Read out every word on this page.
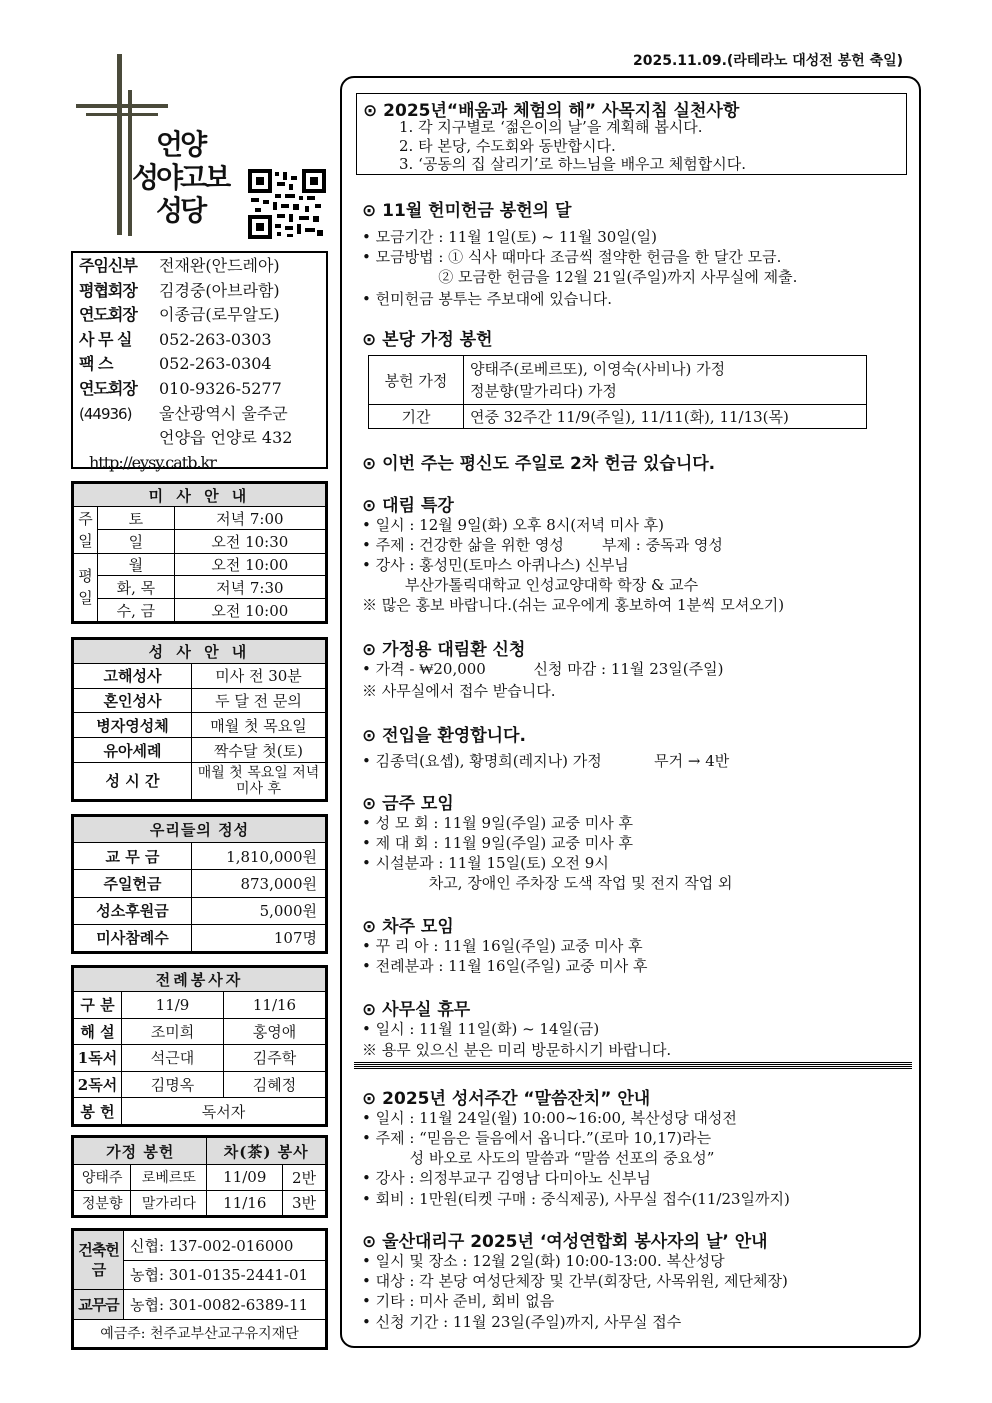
2025.11.09.(라테라노 대성전 봉헌 축일)
언양
성야고보
성당
주임신부	전재완(안드레아)
평협회장	김경중(아브라함)
연도회장	이종금(로무알도)
사 무 실	052-263-0303
팩 스	052-263-0304
연도회장	010-9326-5277
(44936)	울산광역시 울주군
언양읍 언양로 432
http://eysy.catb.kr
미 사 안 내		
주일	토	저녁 7:00
	일	오전 10:30
평일	월	오전 10:00
	화, 목	저녁 7:30
	수, 금	오전 10:00
성 사 안 내	
고해성사	미사 전 30분
혼인성사	두 달 전 문의
병자영성체	매월 첫 목요일
유아세례	짝수달 첫(토)
성 시 간	매월 첫 목요일 저녁미사 후
우리들의 정성	
교 무 금	1,810,000원
주일헌금	873,000원
성소후원금	5,000원
미사참례수	107명
전례봉사자		
구 분	11/9	11/16
해 설	조미희	홍영애
1독서	석근대	김주학
2독서	김명옥	김혜정
봉 헌	독서자	
가정 봉헌		차(茶) 봉사	
양태주	로베르또	11/09	2반
정분향	말가리다	11/16	3반
건축헌금	신협: 137-002-016000
	농협: 301-0135-2441-01
교무금	농협: 301-0082-6389-11
예금주: 천주교부산교구유지재단	
⊙ 2025년“배움과 체험의 해” 사목지침 실천사항
1. 각 지구별로 ‘젊은이의 날’을 계획해 봅시다.
2. 타 본당, 수도회와 동반합시다.
3. ‘공동의 집 살리기’로 하느님을 배우고 체험합시다.
⊙ 11월 헌미헌금 봉헌의 달
• 모금기간 : 11월 1일(토) ~ 11월 30일(일)
• 모금방법 : ① 식사 때마다 조금씩 절약한 헌금을 한 달간 모금.
② 모금한 헌금을 12월 21일(주일)까지 사무실에 제출.
• 헌미헌금 봉투는 주보대에 있습니다.
⊙ 본당 가정 봉헌
⊙ 이번 주는 평신도 주일로 2차 헌금 있습니다.
⊙ 대림 특강
• 일시 : 12월 9일(화) 오후 8시(저녁 미사 후)
• 주제 : 건강한 삶을 위한 영성        부제 : 중독과 영성
• 강사 : 홍성민(토마스 아퀴나스) 신부님
부산가톨릭대학교 인성교양대학 학장 & 교수
※ 많은 홍보 바랍니다.(쉬는 교우에게 홍보하여 1분씩 모셔오기)
⊙ 가정용 대림환 신청
• 가격 - ₩20,000          신청 마감 : 11월 23일(주일)
※ 사무실에서 접수 받습니다.
⊙ 전입을 환영합니다.
• 김종덕(요셉), 황명희(레지나) 가정           무거 → 4반
⊙ 금주 모임
• 성 모 회 : 11월 9일(주일) 교중 미사 후
• 제 대 회 : 11월 9일(주일) 교중 미사 후
• 시설분과 : 11월 15일(토) 오전 9시
차고, 장애인 주차장 도색 작업 및 전지 작업 외
⊙ 차주 모임
• 꾸 리 아 : 11월 16일(주일) 교중 미사 후
• 전례분과 : 11월 16일(주일) 교중 미사 후
⊙ 사무실 휴무
• 일시 : 11월 11일(화) ~ 14일(금)
※ 용무 있으신 분은 미리 방문하시기 바랍니다.
⊙ 2025년 성서주간 “말씀잔치” 안내
• 일시 : 11월 24일(월) 10:00~16:00, 복산성당 대성전
• 주제 : “믿음은 들음에서 옵니다.”(로마 10,17)라는
성 바오로 사도의 말씀과 “말씀 선포의 중요성”
• 강사 : 의정부교구 김영남 다미아노 신부님
• 회비 : 1만원(티켓 구매 : 중식제공), 사무실 접수(11/23일까지)
⊙ 울산대리구 2025년 ‘여성연합회 봉사자의 날’ 안내
• 일시 및 장소 : 12월 2일(화) 10:00-13:00. 복산성당
• 대상 : 각 본당 여성단체장 및 간부(회장단, 사목위원, 제단체장)
• 기타 : 미사 준비, 회비 없음
• 신청 기간 : 11월 23일(주일)까지, 사무실 접수
봉헌 가정	양태주(로베르또), 이영숙(사비나) 가정
정분향(말가리다) 가정

기간	연중 32주간 11/9(주일), 11/11(화), 11/13(목)
